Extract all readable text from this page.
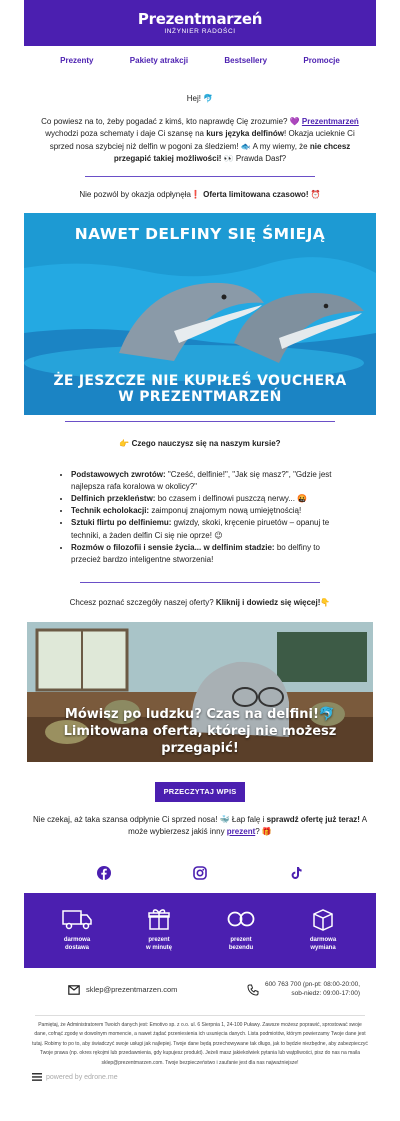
Prezentmarzeń
INŻYNIER RADOŚCI
Prezenty	Pakiety atrakcji	Bestsellery	Promocje
Hej! 🐬
Co powiesz na to, żeby pogadać z kimś, kto naprawdę Cię zrozumie? 💜 Prezentmarzeń wychodzi poza schematy i daje Ci szansę na kurs języka delfinów! Okazja ucieknie Ci sprzed nosa szybciej niż delfin w pogoni za śledziem! 🐟 A my wiemy, że nie chcesz przegapić takiej możliwości! 👀 Prawda Dasf?
Nie pozwól by okazja odpłynęła❗ Oferta limitowana czasowo! ⏰
NAWET DELFINY SIĘ ŚMIEJĄ
ŻE JESZCZE NIE KUPIŁEŚ VOUCHERA
W PREZENTMARZEŃ
👉 Czego nauczysz się na naszym kursie?
• Podstawowych zwrotów: "Cześć, delfinie!", "Jak się masz?", "Gdzie jest najlepsza rafa koralowa w okolicy?"
• Delfinich przekleństw: bo czasem i delfinowi puszczą nerwy... 🤬
• Technik echolokacji: zaimponuj znajomym nową umiejętnością!
• Sztuki flirtu po delfiniemu: gwizdy, skoki, kręcenie piruetów – opanuj te techniki, a żaden delfin Ci się nie oprze! 😉
• Rozmów o filozofii i sensie życia... w delfinim stadzie: bo delfiny to przecież bardzo inteligentne stworzenia!
Chcesz poznać szczegóły naszej oferty? Kliknij i dowiedz się więcej!👇
Mówisz po ludzku? Czas na delfini!🐬
Limitowana oferta, której nie możesz przegapić!
PRZECZYTAJ WPIS
Nie czekaj, aż taka szansa odpłynie Ci sprzed nosa! 🐳 Łap falę i sprawdź ofertę już teraz! A może wybierzesz jakiś inny prezent? 🎁
darmowa
dostawa
prezent
w minutę
prezent
bezendu
darmowa
wymiana
sklep@prezentmarzen.com
600 763 700 (pn-pt: 08:00-20:00,
sob-niedz: 09:00-17:00)
Pamiętaj, że Administratorem Twoich danych jest: Emotivo sp. z o.o. ul. 6 Sierpnia 1, 24-100 Puławy. Zawsze możesz poprawić, sprostować swoje dane, cofnąć zgodę w dowolnym momencie, a nawet żądać przeniesienia ich usunięcia danych. Lista podmiotów, którym powierzamy Twoje dane jest tutaj. Robimy to po to, aby świadczyć swoje usługi jak najlepiej. Twoje dane będą przechowywane tak długo, jak to będzie niezbędne, aby zabezpieczyć Twoje prawa (np. okres rękojmi lub przedawnienia, gdy kupujesz produkt). Jeżeli masz jakiekolwiek pytania lub wątpliwości, pisz do nas na maila sklep@prezentmarzen.com. Twoje bezpieczeństwo i zaufanie jest dla nas najważniejsze!
powered by edrone.me
